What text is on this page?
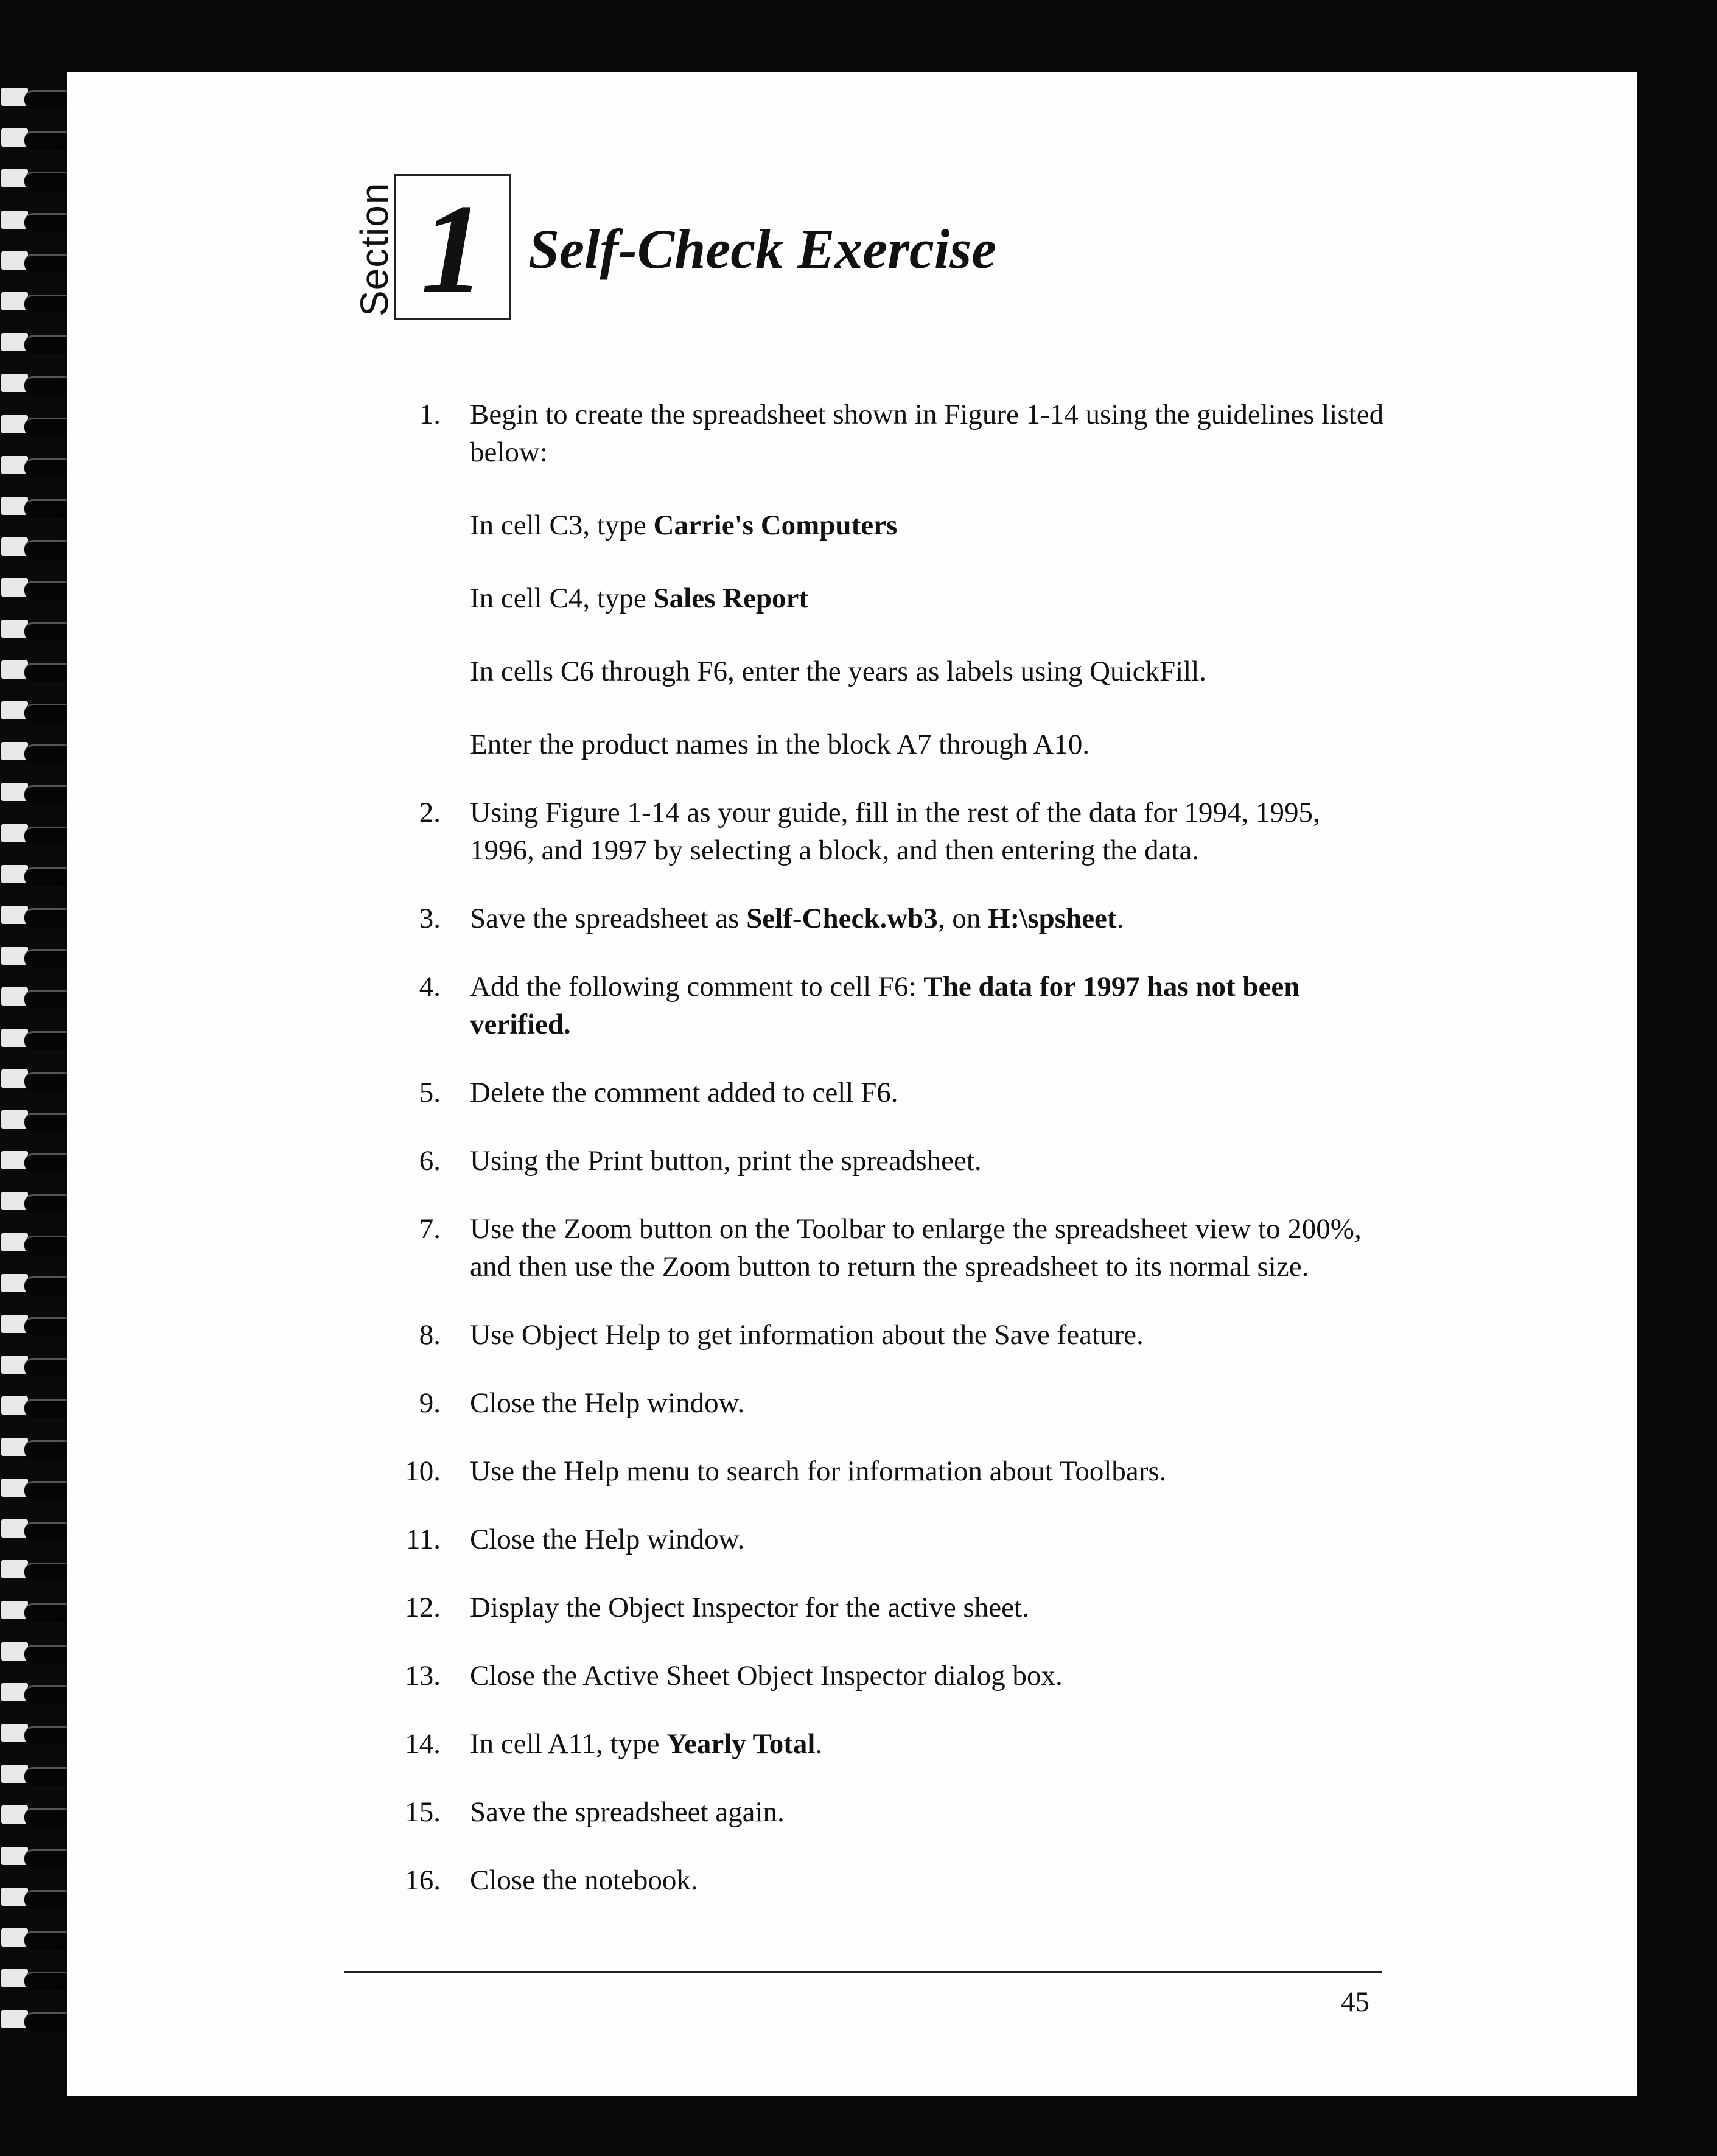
Section 1 Self-Check Exercise
1. Begin to create the spreadsheet shown in Figure 1-14 using the guidelines listed below:

In cell C3, type Carrie's Computers

In cell C4, type Sales Report

In cells C6 through F6, enter the years as labels using QuickFill.

Enter the product names in the block A7 through A10.

2. Using Figure 1-14 as your guide, fill in the rest of the data for 1994, 1995, 1996, and 1997 by selecting a block, and then entering the data.

3. Save the spreadsheet as Self-Check.wb3, on H:\spsheet.

4. Add the following comment to cell F6: The data for 1997 has not been verified.

5. Delete the comment added to cell F6.

6. Using the Print button, print the spreadsheet.

7. Use the Zoom button on the Toolbar to enlarge the spreadsheet view to 200%, and then use the Zoom button to return the spreadsheet to its normal size.

8. Use Object Help to get information about the Save feature.

9. Close the Help window.

10. Use the Help menu to search for information about Toolbars.

11. Close the Help window.

12. Display the Object Inspector for the active sheet.

13. Close the Active Sheet Object Inspector dialog box.

14. In cell A11, type Yearly Total.

15. Save the spreadsheet again.

16. Close the notebook.

45
